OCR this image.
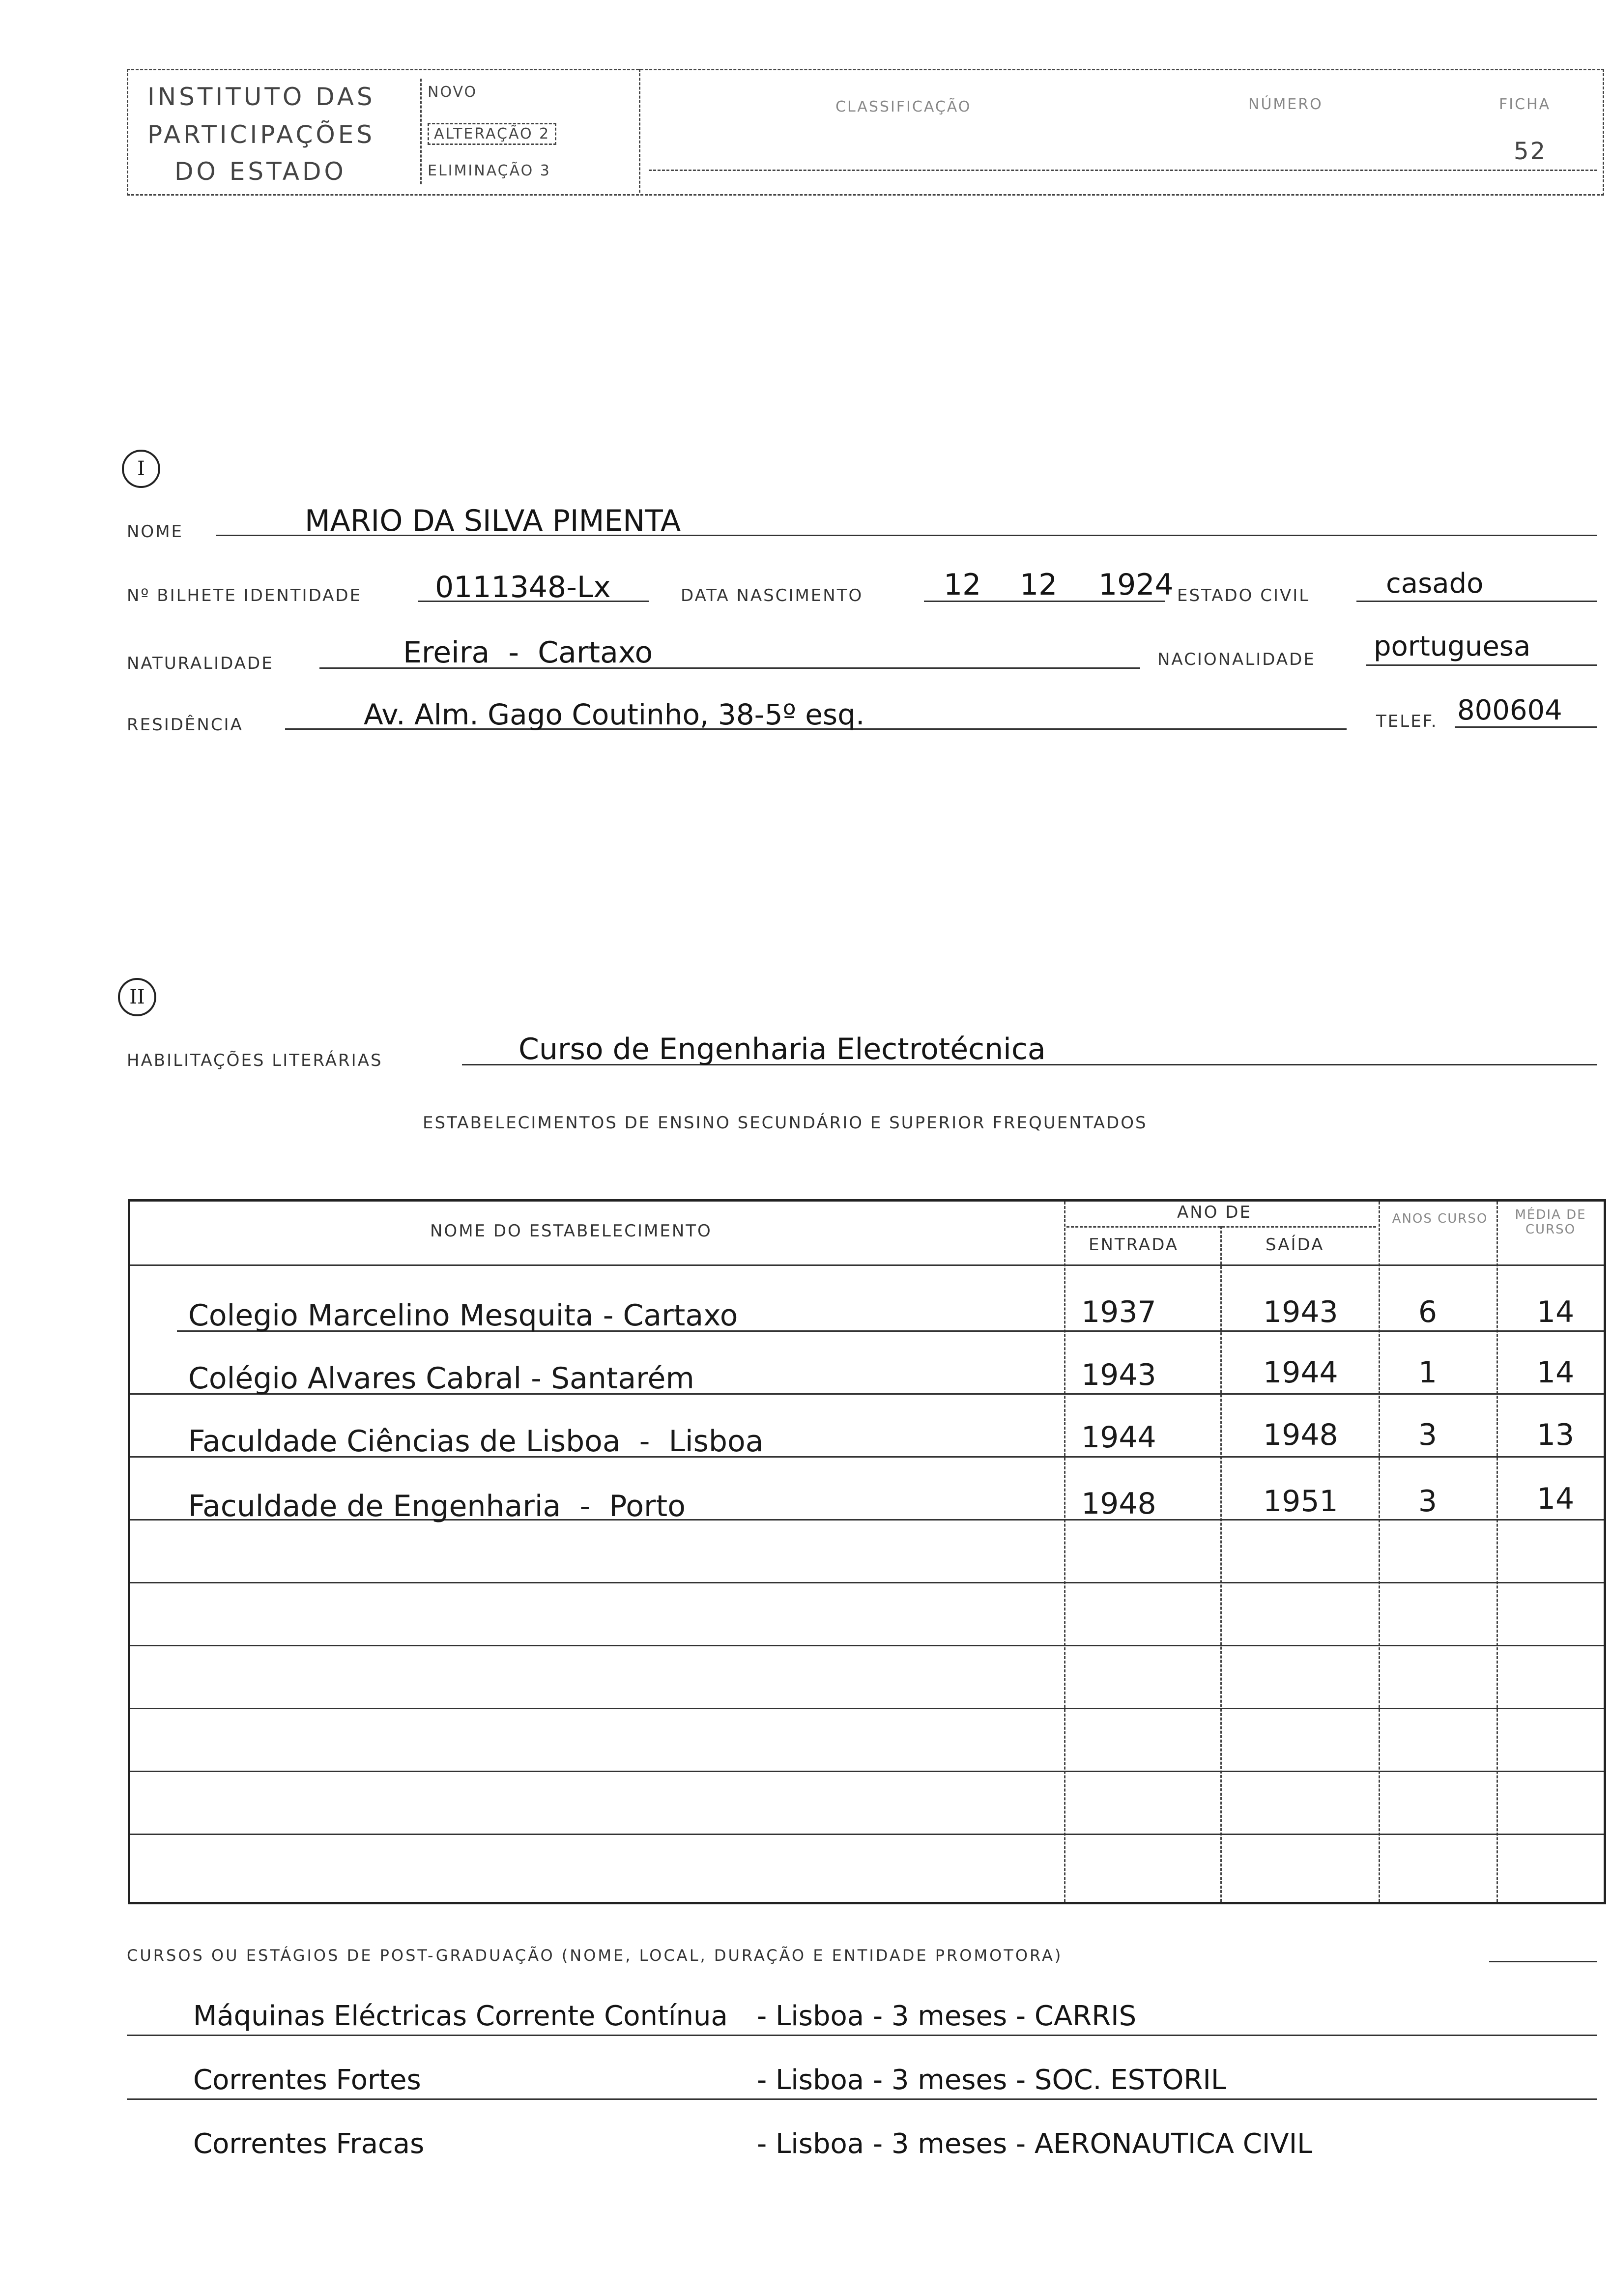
INSTITUTO DAS
PARTICIPAÇÕES
DO ESTADO
NOVO
ALTERAÇÃO 2
ELIMINAÇÃO 3
CLASSIFICAÇÃO	NÚMERO	FICHA
52
I
NOME	MARIO DA SILVA PIMENTA
Nº BILHETE IDENTIDADE 0111348-Lx	DATA NASCIMENTO	12 12 1924 ESTADO CIVIL	casado
NATURALIDADE	Ereira  -  Cartaxo	NACIONALIDADE portuguesa
RESIDÊNCIA	Av. Alm. Gago Coutinho, 38-5º esq.	TELEF. 800604
II
HABILITAÇÕES LITERÁRIAS	Curso de Engenharia Electrotécnica
ESTABELECIMENTOS DE ENSINO SECUNDÁRIO E SUPERIOR FREQUENTADOS
NOME DO ESTABELECIMENTO
ANO DE
ENTRADA	SAÍDA
ANOS CURSO	MÉDIA DE CURSO
Colegio Marcelino Mesquita - Cartaxo	1937	1943	6	14
Colégio Alvares Cabral - Santarém	1943	1944	1	14
Faculdade Ciências de Lisboa  -  Lisboa	1944	1948	3	13
Faculdade de Engenharia  -  Porto	1948	1951	3	14
CURSOS OU ESTÁGIOS DE POST-GRADUAÇÃO (NOME, LOCAL, DURAÇÃO E ENTIDADE PROMOTORA)
Máquinas Eléctricas Corrente Contínua - Lisboa - 3 meses - CARRIS
Correntes Fortes	- Lisboa - 3 meses - SOC. ESTORIL
Correntes Fracas	- Lisboa - 3 meses - AERONAUTICA CIVIL
